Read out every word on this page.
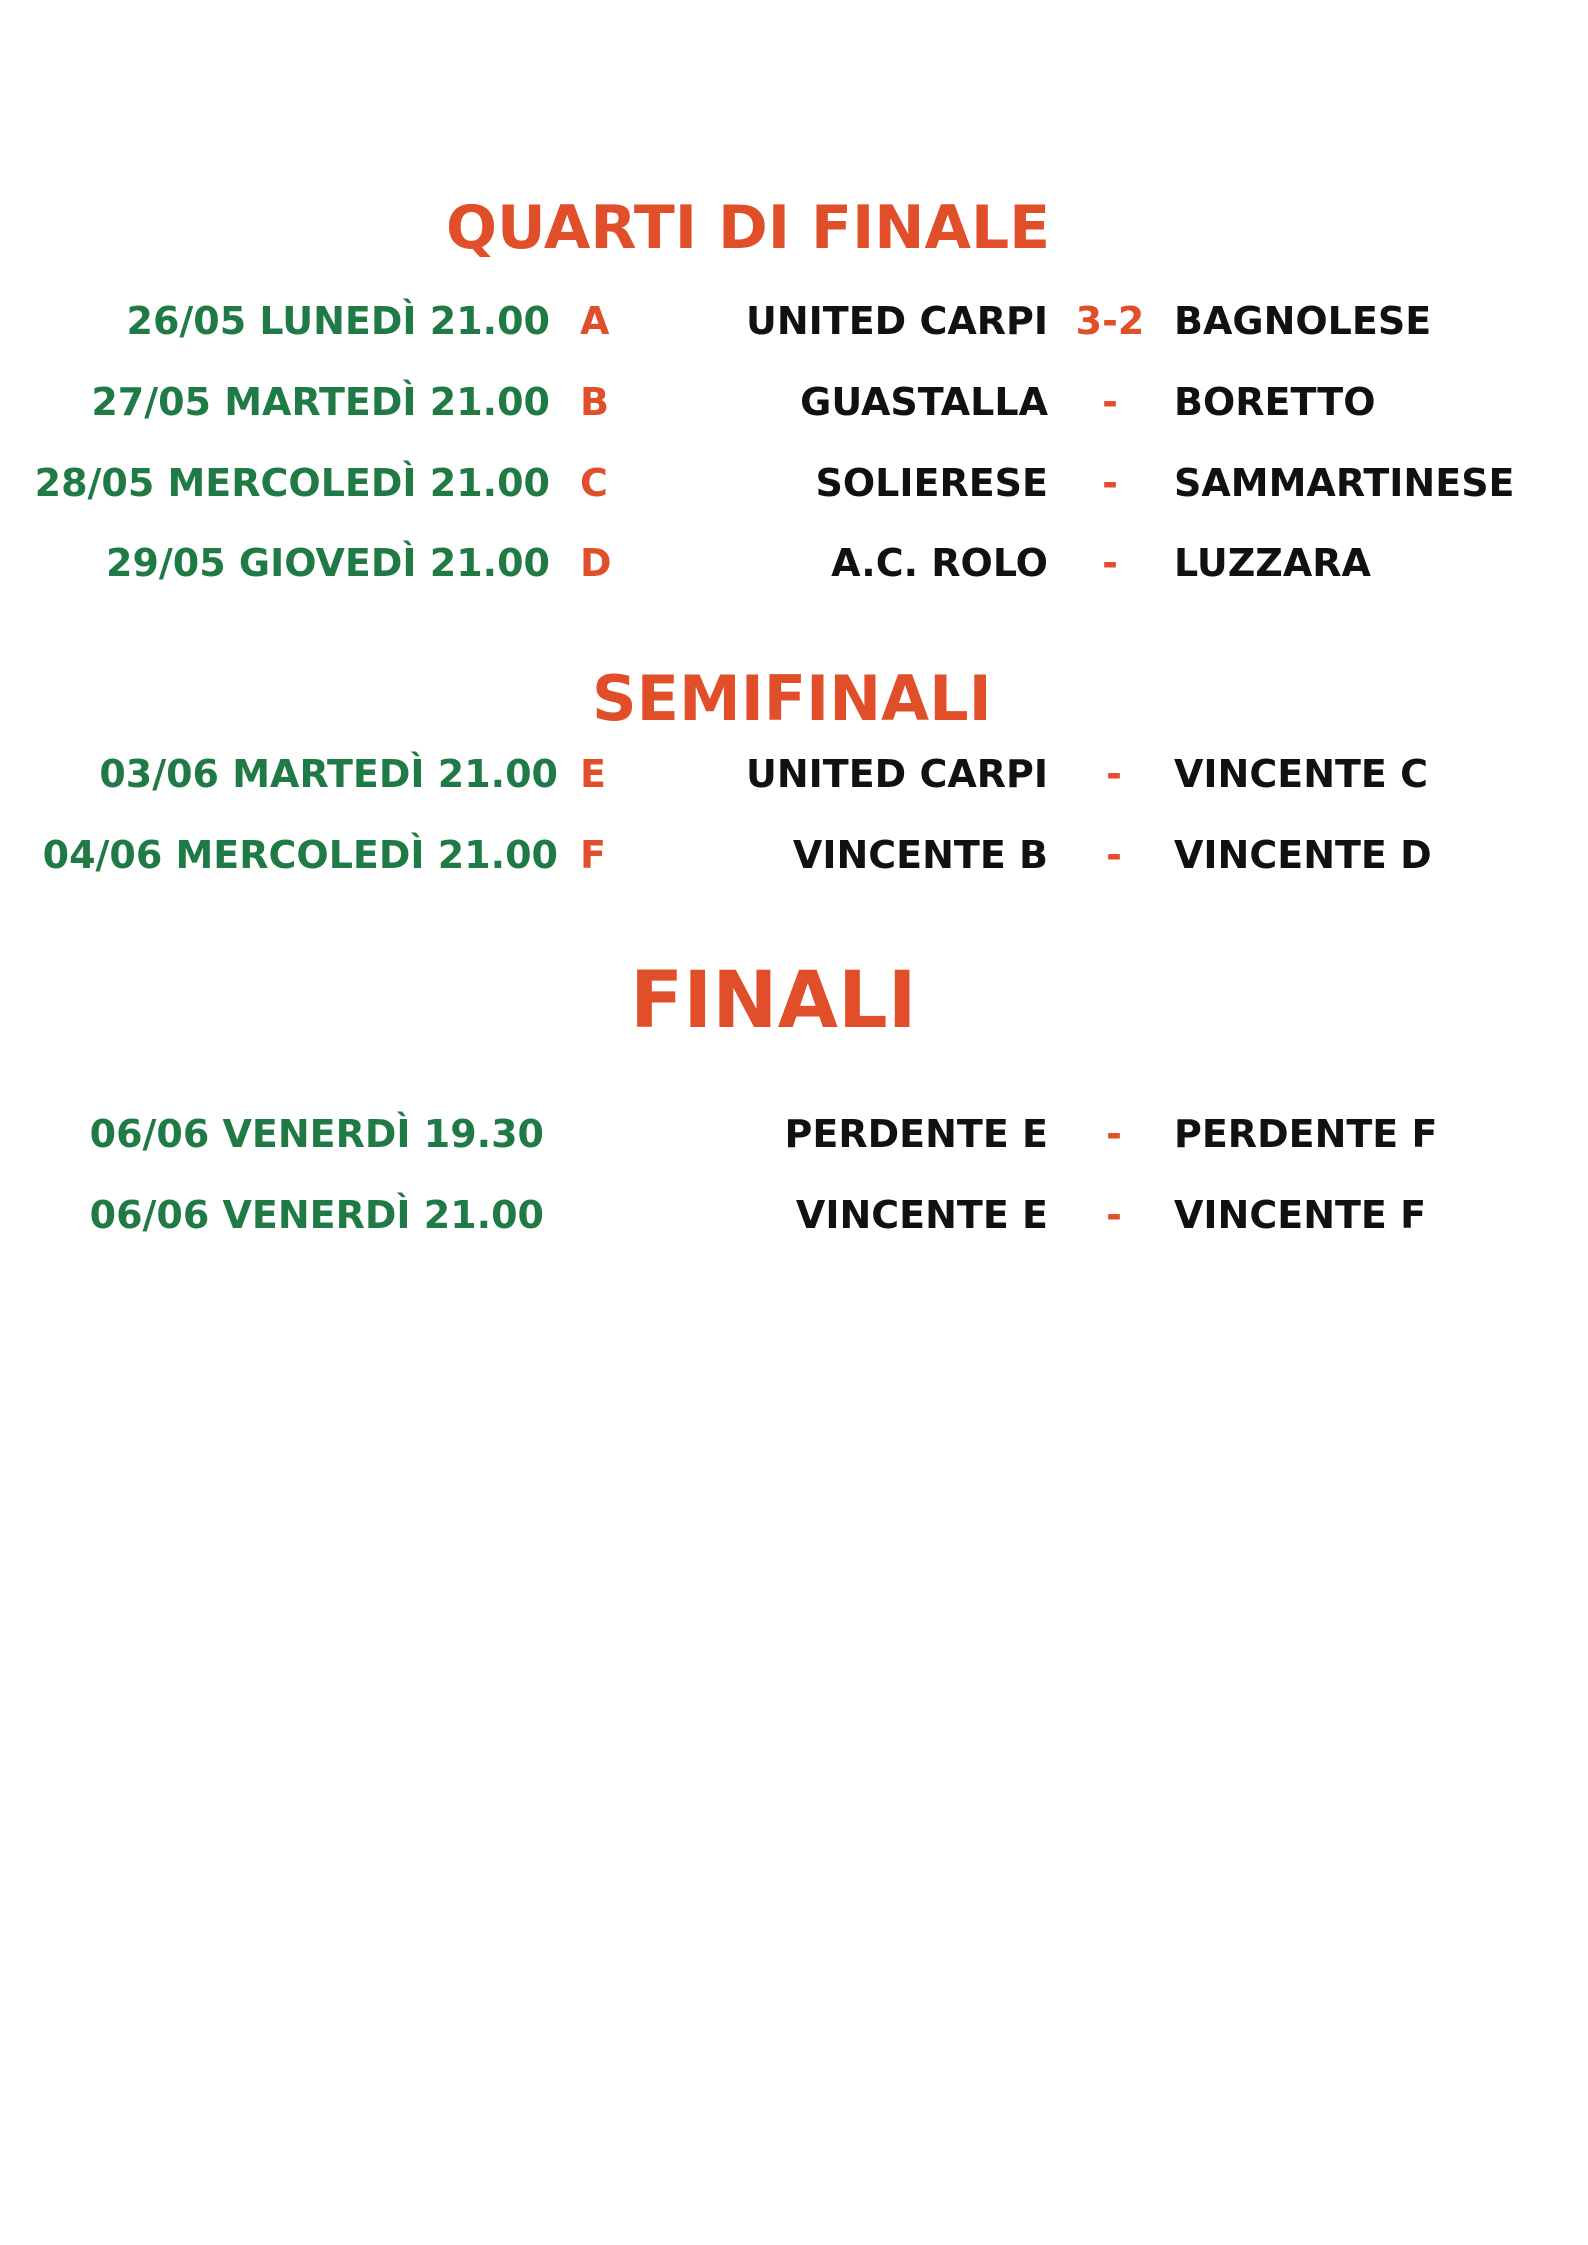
QUARTI DI FINALE
26/05 LUNEDÌ 21.00 A	UNITED CARPI 3-2 BAGNOLESE
27/05 MARTEDÌ 21.00 B	GUASTALLA	-	BORETTO
28/05 MERCOLEDÌ 21.00 C	SOLIERESE	-	SAMMARTINESE
29/05 GIOVEDÌ 21.00 D	A.C. ROLO	-	LUZZARA
SEMIFINALI
03/06 MARTEDÌ 21.00 E	UNITED CARPI	-	VINCENTE C
04/06 MERCOLEDÌ 21.00 F	VINCENTE B	-	VINCENTE D
FINALI
06/06 VENERDÌ 19.30	PERDENTE E	-	PERDENTE F
06/06 VENERDÌ 21.00	VINCENTE E	-	VINCENTE F
